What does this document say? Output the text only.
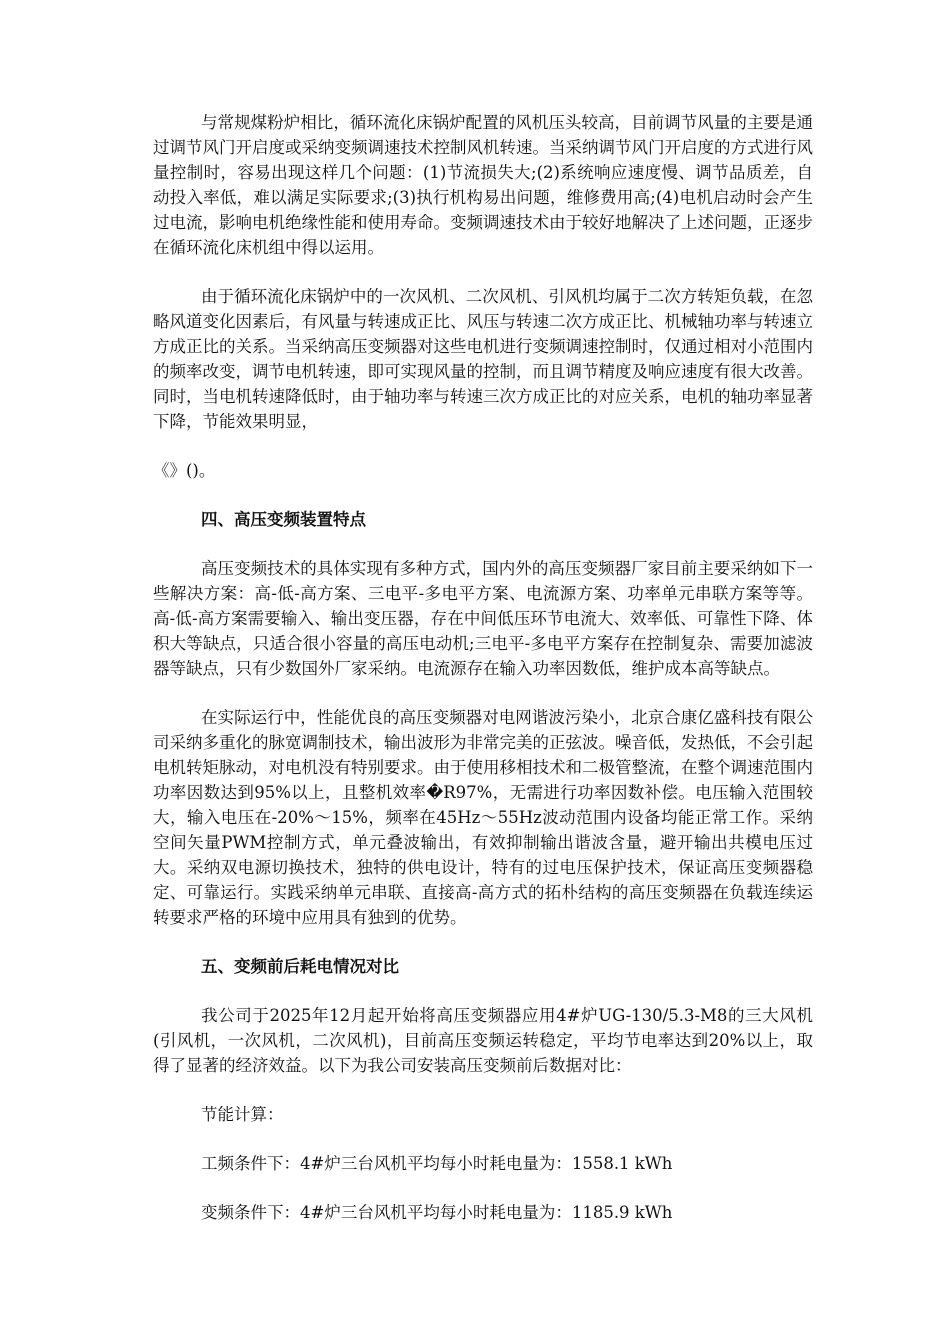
与常规煤粉炉相比，循环流化床锅炉配置的风机压头较高，目前调节风量的主要是通过调节风门开启度或采纳变频调速技术控制风机转速。当采纳调节风门开启度的方式进行风量控制时，容易出现这样几个问题：(1)节流损失大;(2)系统响应速度慢、调节品质差，自动投入率低，难以满足实际要求;(3)执行机构易出问题，维修费用高;(4)电机启动时会产生过电流，影响电机绝缘性能和使用寿命。变频调速技术由于较好地解决了上述问题，正逐步在循环流化床机组中得以运用。

由于循环流化床锅炉中的一次风机、二次风机、引风机均属于二次方转矩负载，在忽略风道变化因素后，有风量与转速成正比、风压与转速二次方成正比、机械轴功率与转速立方成正比的关系。当采纳高压变频器对这些电机进行变频调速控制时，仅通过相对小范围内的频率改变，调节电机转速，即可实现风量的控制，而且调节精度及响应速度有很大改善。同时，当电机转速降低时，由于轴功率与转速三次方成正比的对应关系，电机的轴功率显著下降，节能效果明显，

《》()。

四、高压变频装置特点

高压变频技术的具体实现有多种方式，国内外的高压变频器厂家目前主要采纳如下一些解决方案：高-低-高方案、三电平-多电平方案、电流源方案、功率单元串联方案等等。高-低-高方案需要输入、输出变压器，存在中间低压环节电流大、效率低、可靠性下降、体积大等缺点，只适合很小容量的高压电动机;三电平-多电平方案存在控制复杂、需要加滤波器等缺点，只有少数国外厂家采纳。电流源存在输入功率因数低，维护成本高等缺点。

在实际运行中，性能优良的高压变频器对电网谐波污染小，北京合康亿盛科技有限公司采纳多重化的脉宽调制技术，输出波形为非常完美的正弦波。噪音低，发热低，不会引起电机转矩脉动，对电机没有特别要求。由于使用移相技术和二极管整流，在整个调速范围内功率因数达到95%以上，且整机效率�R97%，无需进行功率因数补偿。电压输入范围较大，输入电压在-20%～15%，频率在45Hz～55Hz波动范围内设备均能正常工作。采纳空间矢量PWM控制方式，单元叠波输出，有效抑制输出谐波含量，避开输出共模电压过大。采纳双电源切换技术，独特的供电设计，特有的过电压保护技术，保证高压变频器稳定、可靠运行。实践采纳单元串联、直接高-高方式的拓朴结构的高压变频器在负载连续运转要求严格的环境中应用具有独到的优势。

五、变频前后耗电情况对比

我公司于2025年12月起开始将高压变频器应用4#炉UG-130/5.3-M8的三大风机(引风机，一次风机，二次风机)，目前高压变频运转稳定，平均节电率达到20%以上，取得了显著的经济效益。以下为我公司安装高压变频前后数据对比：

节能计算：

工频条件下：4#炉三台风机平均每小时耗电量为：1558.1 kWh

变频条件下：4#炉三台风机平均每小时耗电量为：1185.9 kWh
